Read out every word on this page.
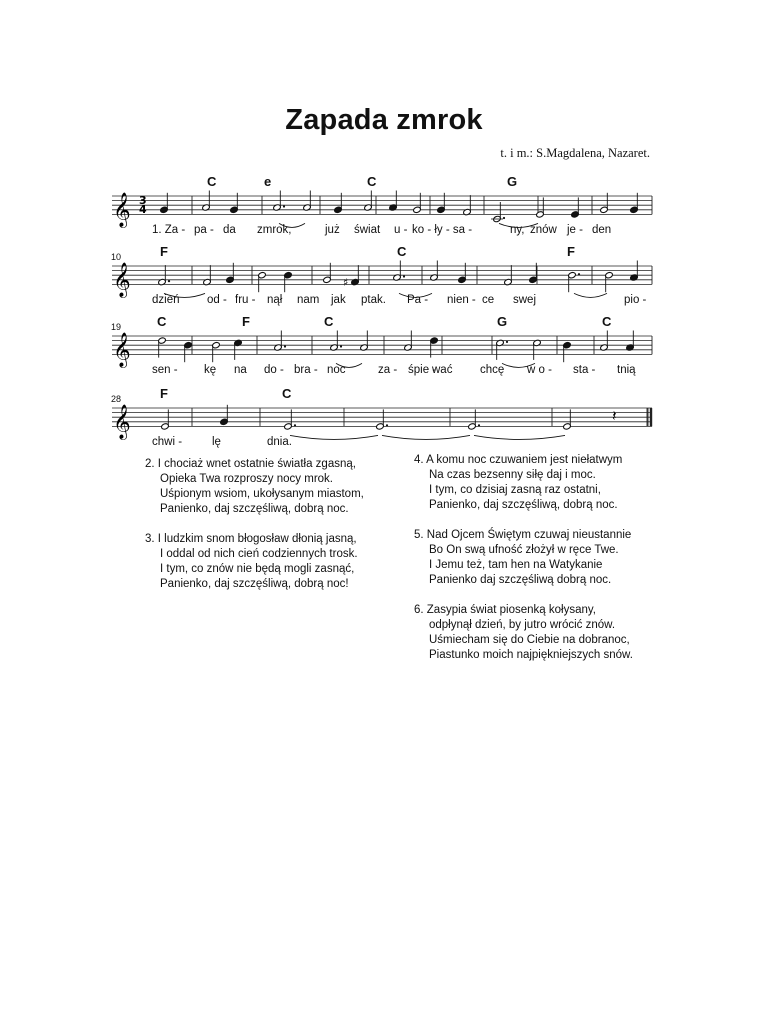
Zapada zmrok
t. i m.: S.Magdalena, Nazaret.
𝄞 3
4
C	e	C	G
1. Za - pa - da zmrok,	już świat u - ko - ły - sa -	ny, znów je - den
𝄞	♯
10	F	C	F
dzień od - fru - nął nam jak ptak. Pa - nien - ce swej	pio -
𝄞
19	C	F	C	G	C
sen - kę na do - bra - noc	za - śpie -
wać chcę w o - sta - tnią
𝄞	𝄽
28	F	C
chwi -	lę	dnia.
2. I chociaż wnet ostatnie światła zgasną,
Opieka Twa rozproszy nocy mrok.
Uśpionym wsiom, ukołysanym miastom,
Panienko, daj szczęśliwą, dobrą noc.
3. I ludzkim snom błogosław dłonią jasną,
I oddal od nich cień codziennych trosk.
I tym, co znów nie będą mogli zasnąć,
Panienko, daj szczęśliwą, dobrą noc!
4. A komu noc czuwaniem jest niełatwym
Na czas bezsenny siłę daj i moc.
I tym, co dzisiaj zasną raz ostatni,
Panienko, daj szczęśliwą, dobrą noc.
5. Nad Ojcem Świętym czuwaj nieustannie
Bo On swą ufność złożył w ręce Twe.
I Jemu też, tam hen na Watykanie
Panienko daj szczęśliwą dobrą noc.
6. Zasypia świat piosenką kołysany,
odpłynął dzień, by jutro wrócić znów.
Uśmiecham się do Ciebie na dobranoc,
Piastunko moich najpiękniejszych snów.
